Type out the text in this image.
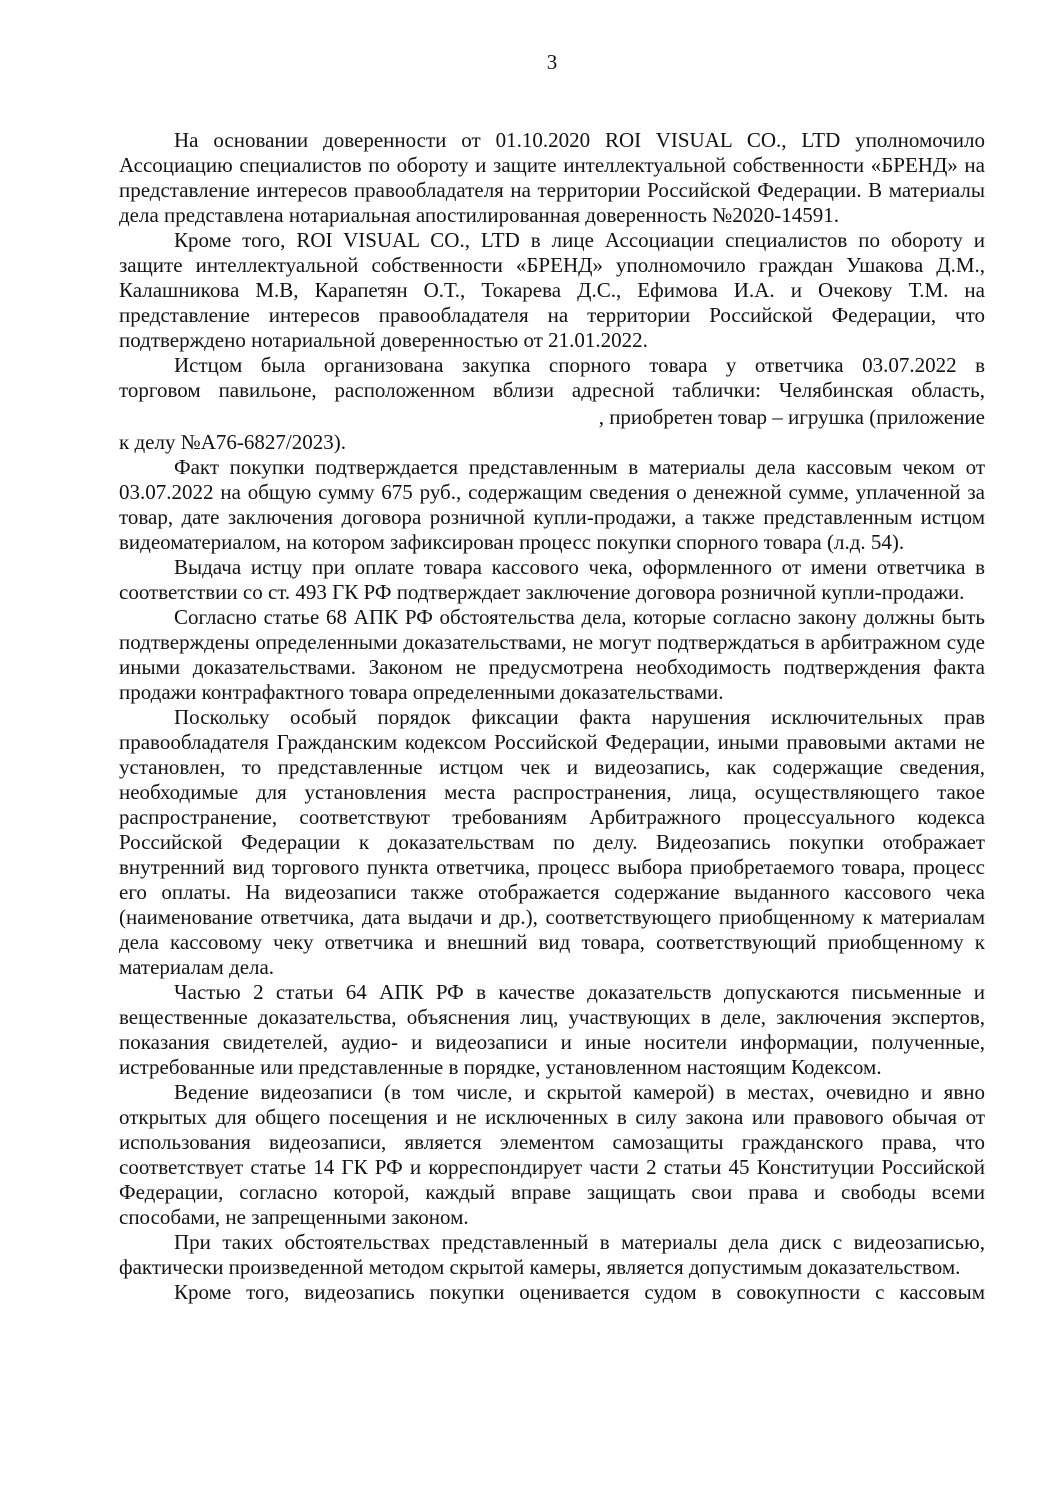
3

На основании доверенности от 01.10.2020 ROI VISUAL CO., LTD уполномочило Ассоциацию специалистов по обороту и защите интеллектуальной собственности «БРЕНД» на представление интересов правообладателя на территории Российской Федерации. В материалы дела представлена нотариальная апостилированная доверенность №2020-14591.

Кроме того, ROI VISUAL CO., LTD в лице Ассоциации специалистов по обороту и защите интеллектуальной собственности «БРЕНД» уполномочило граждан Ушакова Д.М., Калашникова М.В, Карапетян О.Т., Токарева Д.С., Ефимова И.А. и Очекову Т.М. на представление интересов правообладателя на территории Российской Федерации, что подтверждено нотариальной доверенностью от 21.01.2022.

Истцом была организована закупка спорного товара у ответчика 03.07.2022 в
торговом павильоне, расположенном вблизи адресной таблички: Челябинская область,
, приобретен товар – игрушка (приложение
к делу №А76-6827/2023).

Факт покупки подтверждается представленным в материалы дела кассовым чеком от 03.07.2022 на общую сумму 675 руб., содержащим сведения о денежной сумме, уплаченной за товар, дате заключения договора розничной купли-продажи, а также представленным истцом видеоматериалом, на котором зафиксирован процесс покупки спорного товара (л.д. 54).

Выдача истцу при оплате товара кассового чека, оформленного от имени ответчика в соответствии со ст. 493 ГК РФ подтверждает заключение договора розничной купли-продажи.

Согласно статье 68 АПК РФ обстоятельства дела, которые согласно закону должны быть подтверждены определенными доказательствами, не могут подтверждаться в арбитражном суде иными доказательствами. Законом не предусмотрена необходимость подтверждения факта продажи контрафактного товара определенными доказательствами.

Поскольку особый порядок фиксации факта нарушения исключительных прав правообладателя Гражданским кодексом Российской Федерации, иными правовыми актами не установлен, то представленные истцом чек и видеозапись, как содержащие сведения, необходимые для установления места распространения, лица, осуществляющего такое распространение, соответствуют требованиям Арбитражного процессуального кодекса Российской Федерации к доказательствам по делу. Видеозапись покупки отображает внутренний вид торгового пункта ответчика, процесс выбора приобретаемого товара, процесс его оплаты. На видеозаписи также отображается содержание выданного кассового чека (наименование ответчика, дата выдачи и др.), соответствующего приобщенному к материалам дела кассовому чеку ответчика и внешний вид товара, соответствующий приобщенному к материалам дела.

Частью 2 статьи 64 АПК РФ в качестве доказательств допускаются письменные и вещественные доказательства, объяснения лиц, участвующих в деле, заключения экспертов, показания свидетелей, аудио- и видеозаписи и иные носители информации, полученные, истребованные или представленные в порядке, установленном настоящим Кодексом.

Ведение видеозаписи (в том числе, и скрытой камерой) в местах, очевидно и явно открытых для общего посещения и не исключенных в силу закона или правового обычая от использования видеозаписи, является элементом самозащиты гражданского права, что соответствует статье 14 ГК РФ и корреспондирует части 2 статьи 45 Конституции Российской Федерации, согласно которой, каждый вправе защищать свои права и свободы всеми способами, не запрещенными законом.

При таких обстоятельствах представленный в материалы дела диск с видеозаписью, фактически произведенной методом скрытой камеры, является допустимым доказательством.

Кроме того, видеозапись покупки оценивается судом в совокупности с кассовым
